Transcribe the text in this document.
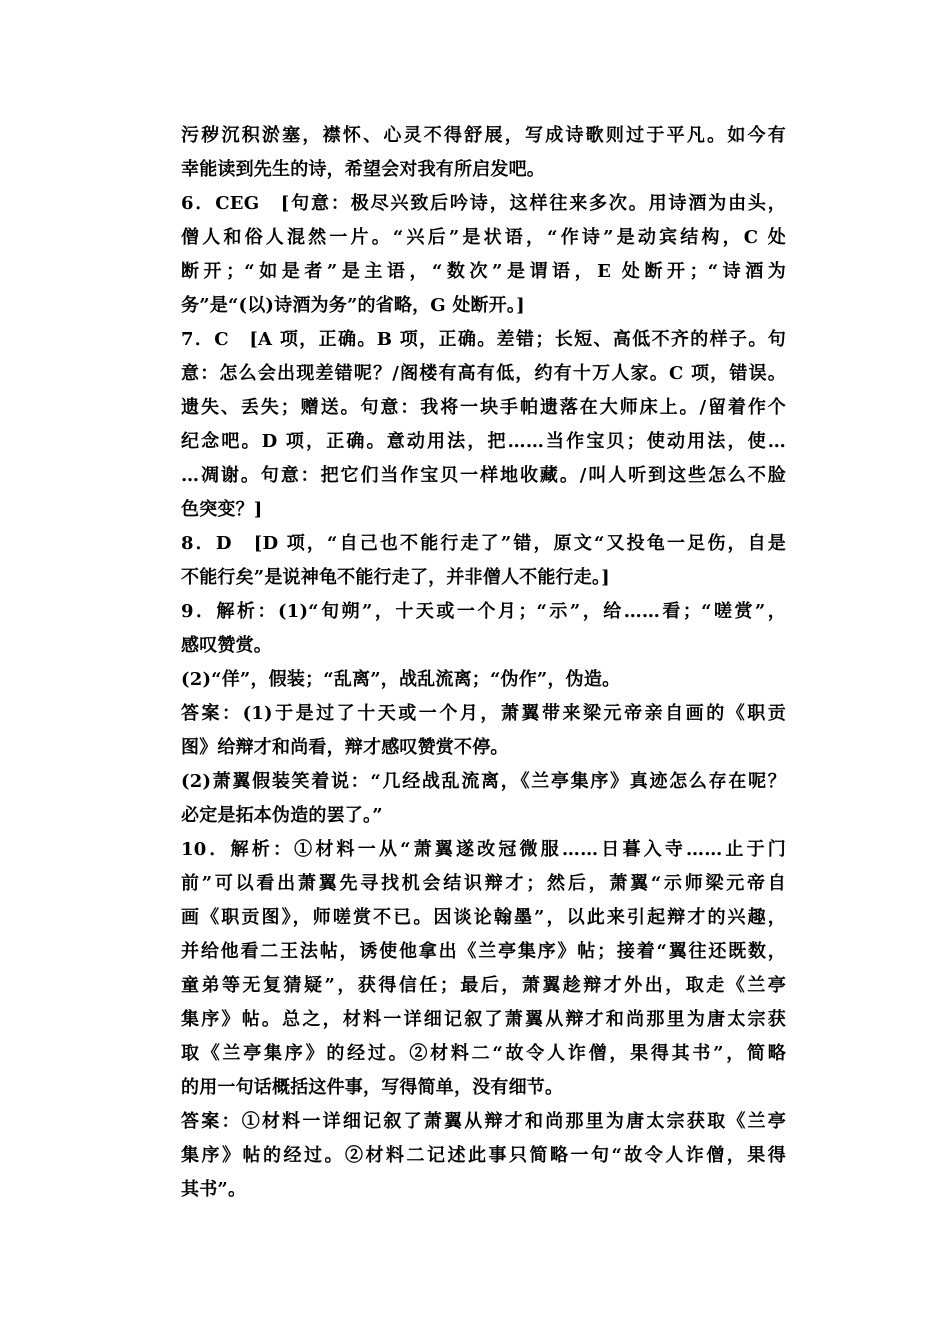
污秽沉积淤塞，襟怀、心灵不得舒展，写成诗歌则过于平凡。如今有
幸能读到先生的诗，希望会对我有所启发吧。
6．CEG　[句意：极尽兴致后吟诗，这样往来多次。用诗酒为由头，
僧人和俗人混然一片。“兴后”是状语，“作诗”是动宾结构，C 处
断开；“如是者”是主语，“数次”是谓语，E 处断开；“诗酒为
务”是“(以)诗酒为务”的省略，G 处断开。]
7．C　[A 项，正确。B 项，正确。差错；长短、高低不齐的样子。句
意：怎么会出现差错呢？/阁楼有高有低，约有十万人家。C 项，错误。
遗失、丢失；赠送。句意：我将一块手帕遗落在大师床上。/留着作个
纪念吧。D 项，正确。意动用法，把……当作宝贝；使动用法，使…
…凋谢。句意：把它们当作宝贝一样地收藏。/叫人听到这些怎么不脸
色突变？]
8．D　[D 项，“自己也不能行走了”错，原文“又投龟一足伤，自是
不能行矣”是说神龟不能行走了，并非僧人不能行走。]
9．解析：(1)“旬朔”，十天或一个月；“示”，给……看；“嗟赏”，
感叹赞赏。
(2)“佯”，假装；“乱离”，战乱流离；“伪作”，伪造。
答案：(1)于是过了十天或一个月，萧翼带来梁元帝亲自画的《职贡
图》给辩才和尚看，辩才感叹赞赏不停。
(2)萧翼假装笑着说：“几经战乱流离，《兰亭集序》真迹怎么存在呢？
必定是拓本伪造的罢了。”
10．解析：①材料一从“萧翼遂改冠微服……日暮入寺……止于门
前”可以看出萧翼先寻找机会结识辩才；然后，萧翼“示师梁元帝自
画《职贡图》，师嗟赏不已。因谈论翰墨”，以此来引起辩才的兴趣，
并给他看二王法帖，诱使他拿出《兰亭集序》帖；接着“翼往还既数，
童弟等无复猜疑”，获得信任；最后，萧翼趁辩才外出，取走《兰亭
集序》帖。总之，材料一详细记叙了萧翼从辩才和尚那里为唐太宗获
取《兰亭集序》的经过。②材料二“故令人诈僧，果得其书”，简略
的用一句话概括这件事，写得简单，没有细节。
答案：①材料一详细记叙了萧翼从辩才和尚那里为唐太宗获取《兰亭
集序》帖的经过。②材料二记述此事只简略一句“故令人诈僧，果得
其书”。
